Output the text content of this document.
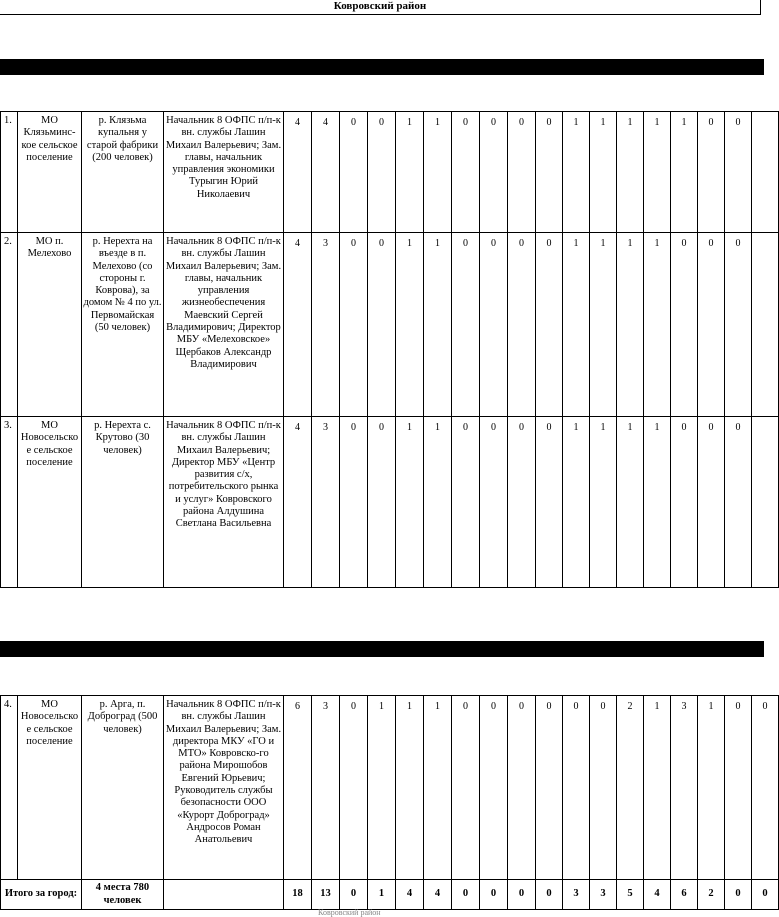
Ковровский район
1.	МО Клязьминс-кое сельское поселение	р. Клязьма купальня у старой фабрики (200 человек)	Начальник 8 ОФПС п/п-к вн. службы Лашин Михаил Валерьевич; Зам. главы, начальник управления экономики Турыгин Юрий Николаевич	4	4	0	0	1	1	0	0	0	0	1	1	1	1	1	0	0	
2.	МО п. Мелехово	р. Нерехта на въезде в п. Мелехово (со стороны г. Коврова), за домом № 4 по ул. Первомайская (50 человек)	Начальник 8 ОФПС п/п-к вн. службы Лашин Михаил Валерьевич; Зам. главы, начальник управления жизнеобеспечения Маевский Сергей Владимирович; Директор МБУ «Мелеховское» Щербаков Александр Владимирович	4	3	0	0	1	1	0	0	0	0	1	1	1	1	0	0	0	
3.	МО Новосельское сельское поселение	р. Нерехта с. Крутово (30 человек)	Начальник 8 ОФПС п/п-к вн. службы Лашин Михаил Валерьевич; Директор МБУ «Центр развития с/х, потребительского рынка и услуг» Ковровского района Алдушина Светлана Васильевна	4	3	0	0	1	1	0	0	0	0	1	1	1	1	0	0	0	
4.	МО Новосельское сельское поселение	р. Арга, п. Доброград (500 человек)	Начальник 8 ОФПС п/п-к вн. службы Лашин Михаил Валерьевич; Зам. директора МКУ «ГО и МТО» Ковровско-го района Мирошобов Евгений Юрьевич; Руководитель службы безопасности ООО «Курорт Доброград» Андросов Роман Анатольевич	6	3	0	1	1	1	0	0	0	0	0	0	2	1	3	1	0	0
Итого за город:		4 места 780 человек		18	13	0	1	4	4	0	0	0	0	3	3	5	4	6	2	0	0
Ковровский район
